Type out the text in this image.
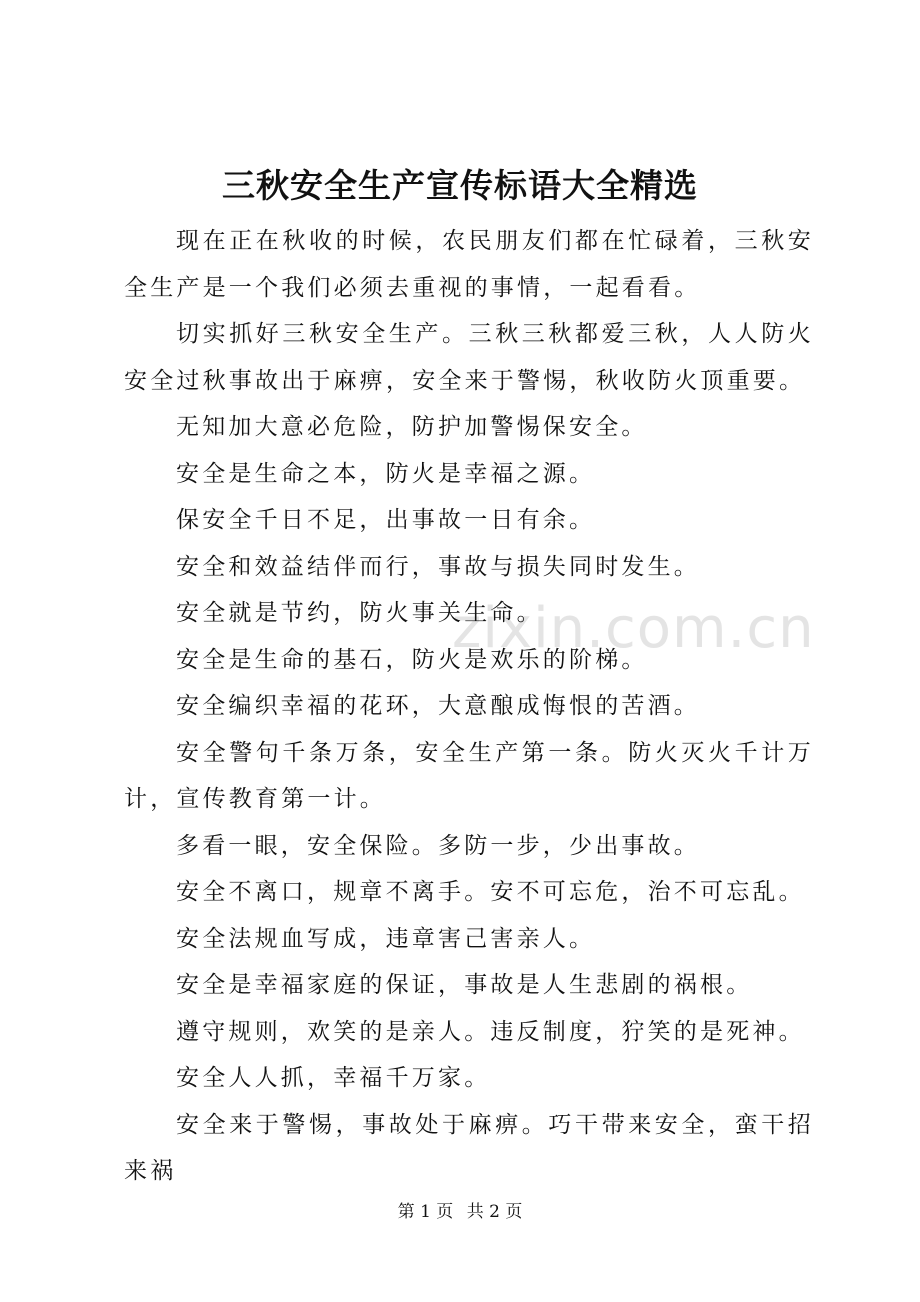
zixin.com.cn
三秋安全生产宣传标语大全精选

现在正在秋收的时候，农民朋友们都在忙碌着，三秋安全生产是一个我们必须去重视的事情，一起看看。

切实抓好三秋安全生产。三秋三秋都爱三秋，人人防火安全过秋事故出于麻痹，安全来于警惕，秋收防火顶重要。

无知加大意必危险，防护加警惕保安全。

安全是生命之本，防火是幸福之源。

保安全千日不足，出事故一日有余。

安全和效益结伴而行，事故与损失同时发生。

安全就是节约，防火事关生命。

安全是生命的基石，防火是欢乐的阶梯。

安全编织幸福的花环，大意酿成悔恨的苦酒。

安全警句千条万条，安全生产第一条。防火灭火千计万计，宣传教育第一计。

多看一眼，安全保险。多防一步，少出事故。

安全不离口，规章不离手。安不可忘危，治不可忘乱。

安全法规血写成，违章害己害亲人。

安全是幸福家庭的保证，事故是人生悲剧的祸根。

遵守规则，欢笑的是亲人。违反制度，狞笑的是死神。

安全人人抓，幸福千万家。

安全来于警惕，事故处于麻痹。巧干带来安全，蛮干招来祸

第 1 页 共 2 页
